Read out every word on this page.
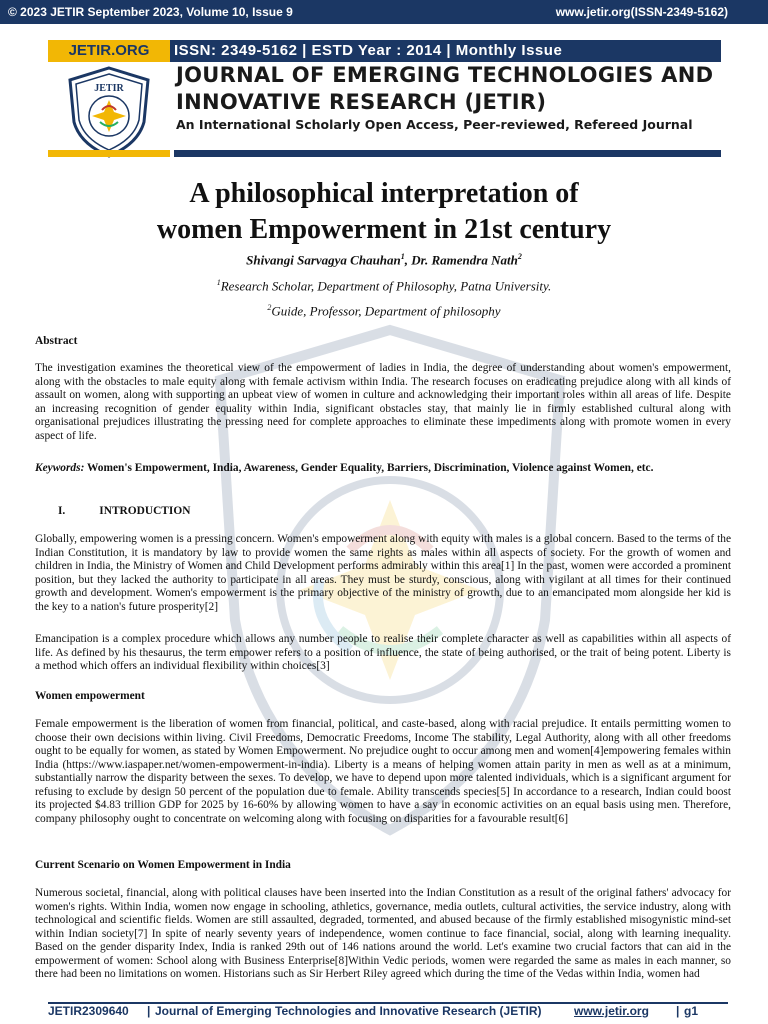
© 2023 JETIR September 2023, Volume 10, Issue 9	www.jetir.org(ISSN-2349-5162)
JETIR.ORG	ISSN: 2349-5162 | ESTD Year : 2014 | Monthly Issue
JETIR
JOURNAL OF EMERGING TECHNOLOGIES AND
INNOVATIVE RESEARCH (JETIR)
An International Scholarly Open Access, Peer-reviewed, Refereed Journal
A philosophical interpretation of
women Empowerment in 21st century
Shivangi Sarvagya Chauhan$^1$, Dr. Ramendra Nath$^2$
$^1$Research Scholar, Department of Philosophy, Patna University.
$^2$Guide, Professor, Department of philosophy
Abstract
The investigation examines the theoretical view of the empowerment of ladies in India, the degree of understanding about women's empowerment, along with the obstacles to male equity along with female activism within India. The research focuses on eradicating prejudice along with all kinds of assault on women, along with supporting an upbeat view of women in culture and acknowledging their important roles within all areas of life. Despite an increasing recognition of gender equality within India, significant obstacles stay, that mainly lie in firmly established cultural along with organisational prejudices illustrating the pressing need for complete approaches to eliminate these impediments along with promote women in every aspect of life.
Keywords: Women's Empowerment, India, Awareness, Gender Equality, Barriers, Discrimination, Violence against Women, etc.
I.	INTRODUCTION
Globally, empowering women is a pressing concern. Women's empowerment along with equity with males is a global concern. Based to the terms of the Indian Constitution, it is mandatory by law to provide women the same rights as males within all aspects of society. For the growth of women and children in India, the Ministry of Women and Child Development performs admirably within this area[1] In the past, women were accorded a prominent position, but they lacked the authority to participate in all areas. They must be sturdy, conscious, along with vigilant at all times for their continued growth and development. Women's empowerment is the primary objective of the ministry of growth, due to an emancipated mom alongside her kid is the key to a nation's future prosperity[2]
Emancipation is a complex procedure which allows any number people to realise their complete character as well as capabilities within all aspects of life. As defined by his thesaurus, the term empower refers to a position of influence, the state of being authorised, or the trait of being potent. Liberty is a method which offers an individual flexibility within choices[3]
Women empowerment
Female empowerment is the liberation of women from financial, political, and caste-based, along with racial prejudice. It entails permitting women to choose their own decisions within living. Civil Freedoms, Democratic Freedoms, Income The stability, Legal Authority, along with all other freedoms ought to be equally for women, as stated by Women Empowerment. No prejudice ought to occur among men and women[4]empowering females within India (https://www.iaspaper.net/women-empowerment-in-india). Liberty is a means of helping women attain parity in men as well as at a minimum, substantially narrow the disparity between the sexes. To develop, we have to depend upon more talented individuals, which is a significant argument for refusing to exclude by design 50 percent of the population due to female. Ability transcends species[5] In accordance to a research, Indian could boost its projected $4.83 trillion GDP for 2025 by 16-60% by allowing women to have a say in economic activities on an equal basis using men. Therefore, company philosophy ought to concentrate on welcoming along with focusing on disparities for a favourable result[6]
Current Scenario on Women Empowerment in India
Numerous societal, financial, along with political clauses have been inserted into the Indian Constitution as a result of the original fathers' advocacy for women's rights. Within India, women now engage in schooling, athletics, governance, media outlets, cultural activities, the service industry, along with technological and scientific fields. Women are still assaulted, degraded, tormented, and abused because of the firmly established misogynistic mind-set within Indian society[7] In spite of nearly seventy years of independence, women continue to face financial, social, along with learning inequality. Based on the gender disparity Index, India is ranked 29th out of 146 nations around the world. Let's examine two crucial factors that can aid in the empowerment of women: School along with Business Enterprise[8]Within Vedic periods, women were regarded the same as males in each manner, so there had been no limitations on women. Historians such as Sir Herbert Riley agreed which during the time of the Vedas within India, women had
JETIR2309640 | Journal of Emerging Technologies and Innovative Research (JETIR)	www.jetir.org | g1
